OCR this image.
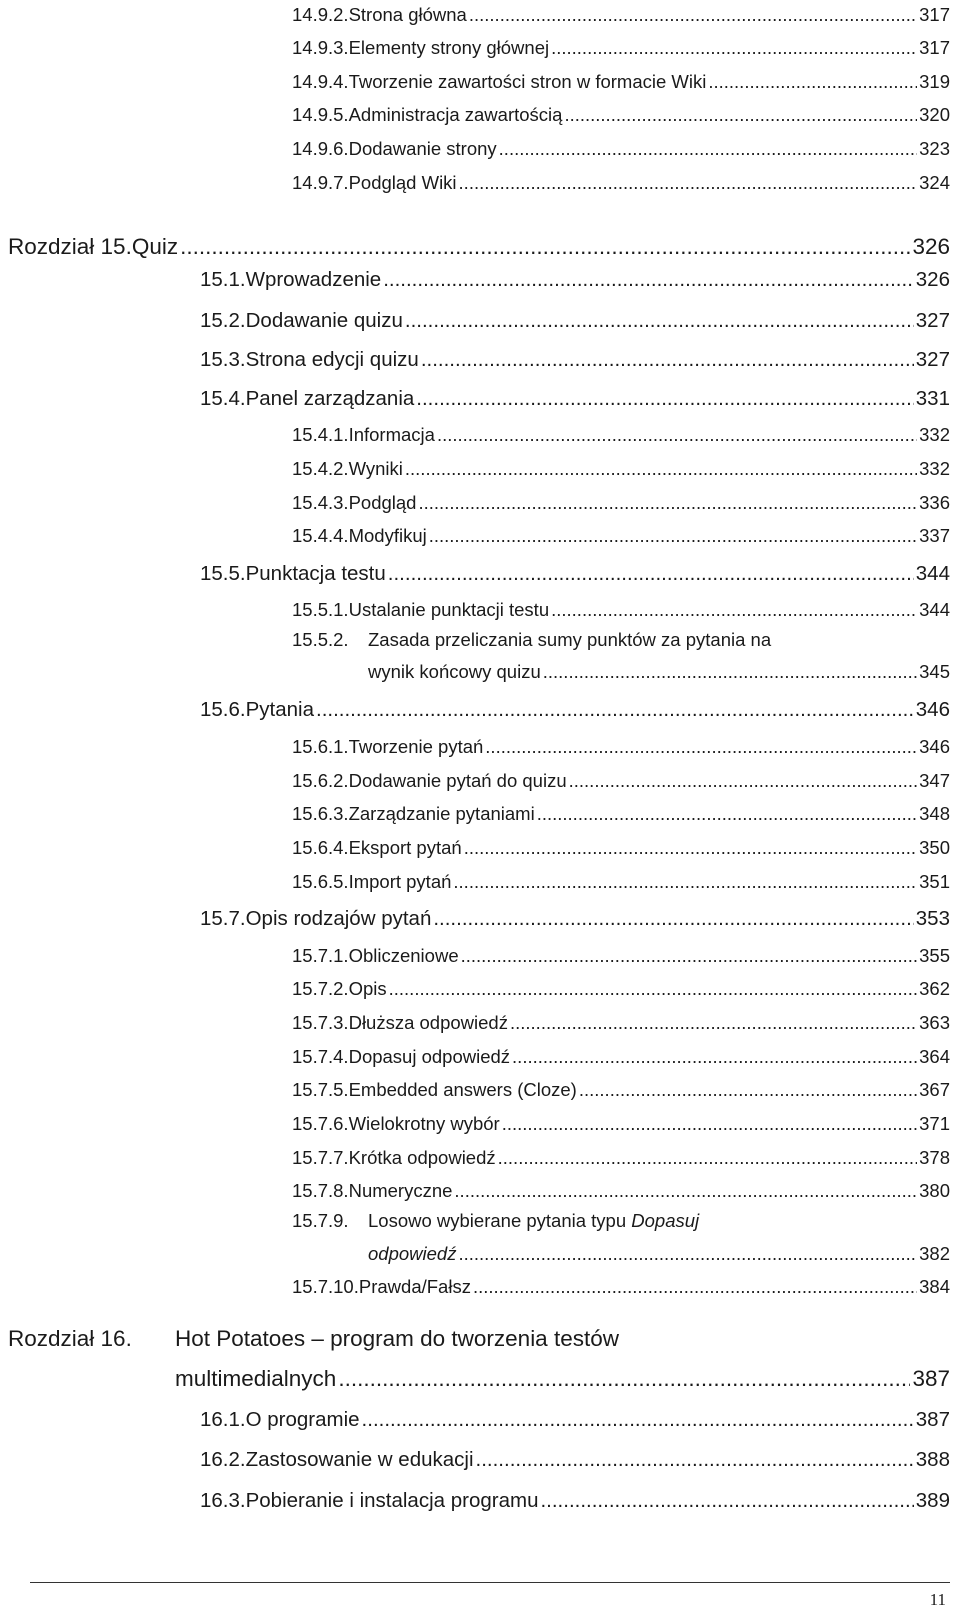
14.9.2. Strona główna .....	317
14.9.3. Elementy strony głównej .....	317
14.9.4. Tworzenie zawartości stron w formacie Wiki .....	319
14.9.5. Administracja zawartością .....	320
14.9.6. Dodawanie strony .....	323
14.9.7. Podgląd Wiki .....	324
Rozdział 15. Quiz .....	326
15.1. Wprowadzenie .....	326
15.2. Dodawanie quizu .....	327
15.3. Strona edycji quizu .....	327
15.4. Panel zarządzania .....	331
15.4.1. Informacja .....	332
15.4.2. Wyniki .....	332
15.4.3. Podgląd .....	336
15.4.4. Modyfikuj .....	337
15.5. Punktacja testu .....	344
15.5.1. Ustalanie punktacji testu .....	344
15.5.2. Zasada przeliczania sumy punktów za pytania na
wynik końcowy quizu .....	345
15.6. Pytania .....	346
15.6.1. Tworzenie pytań .....	346
15.6.2. Dodawanie pytań do quizu .....	347
15.6.3. Zarządzanie pytaniami .....	348
15.6.4. Eksport pytań .....	350
15.6.5. Import pytań .....	351
15.7. Opis rodzajów pytań .....	353
15.7.1. Obliczeniowe .....	355
15.7.2. Opis .....	362
15.7.3. Dłuższa odpowiedź .....	363
15.7.4. Dopasuj odpowiedź .....	364
15.7.5. Embedded answers (Cloze) .....	367
15.7.6. Wielokrotny wybór .....	371
15.7.7. Krótka odpowiedź .....	378
15.7.8. Numeryczne .....	380
15.7.9. Losowo wybierane pytania typu Dopasuj
odpowiedź .....	382
15.7.10. Prawda/Fałsz .....	384
Rozdział 16. Hot Potatoes – program do tworzenia testów
multimedialnych .....	387
16.1. O programie .....	387
16.2. Zastosowanie w edukacji .....	388
16.3. Pobieranie i instalacja programu .....	389
11
